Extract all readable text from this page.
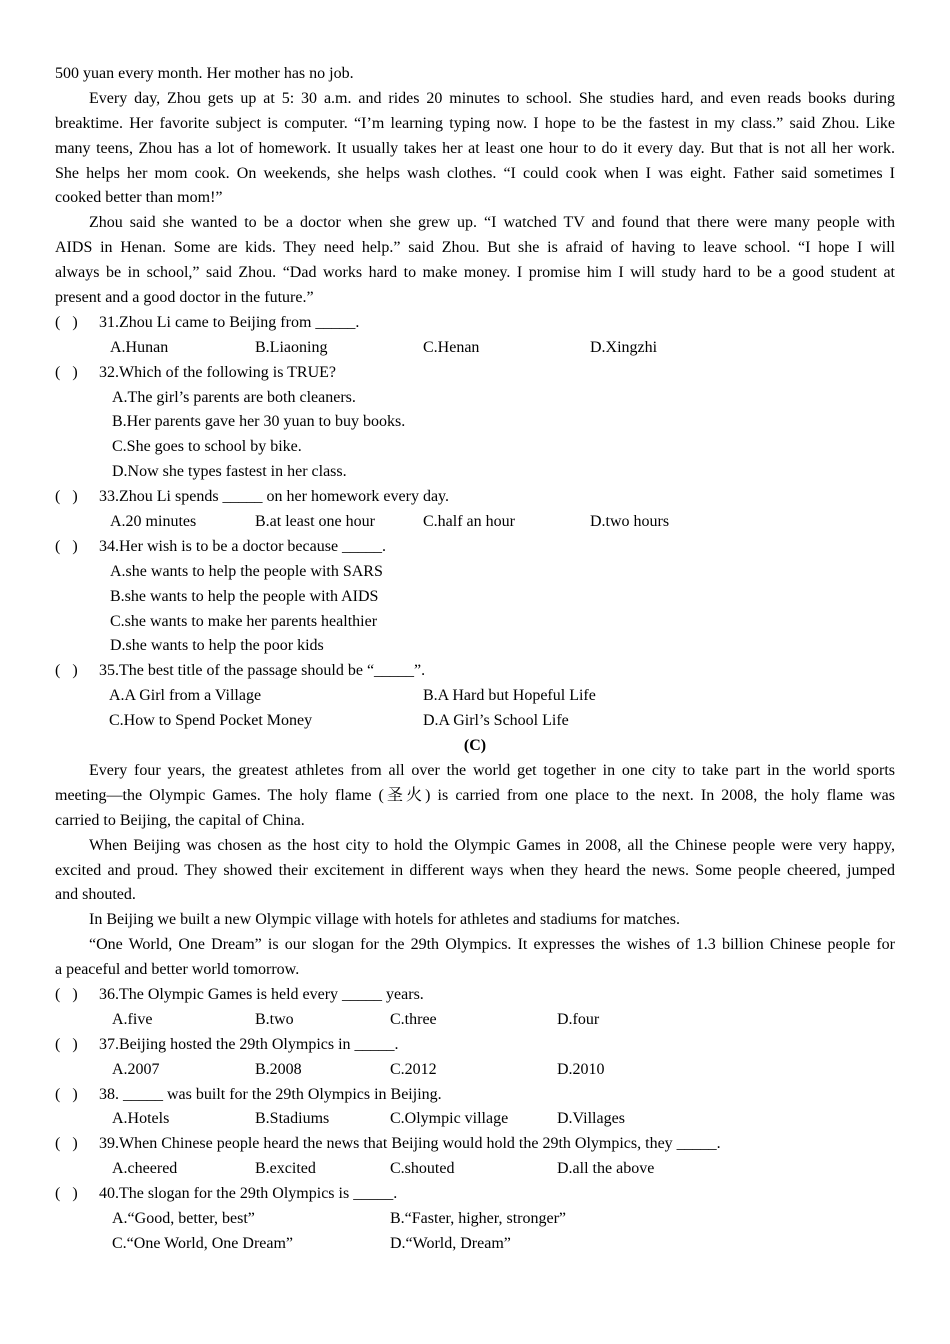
500 yuan every month. Her mother has no job.
Every day, Zhou gets up at 5: 30 a.m. and rides 20 minutes to school. She studies hard, and even reads books during
breaktime. Her favorite subject is computer. “I’m learning typing now. I hope to be the fastest in my class.” said Zhou. Like
many teens, Zhou has a lot of homework. It usually takes her at least one hour to do it every day. But that is not all her work.
She helps her mom cook. On weekends, she helps wash clothes. “I could cook when I was eight. Father said sometimes I
cooked better than mom!”
Zhou said she wanted to be a doctor when she grew up. “I watched TV and found that there were many people with
AIDS in Henan. Some are kids. They need help.” said Zhou. But she is afraid of having to leave school. “I hope I will
always be in school,” said Zhou. “Dad works hard to make money. I promise him I will study hard to be a good student at
present and a good doctor in the future.”
(   )	31.Zhou Li came to Beijing from _____.
A.Hunan	B.Liaoning	C.Henan	D.Xingzhi
(   )	32.Which of the following is TRUE?
A.The girl’s parents are both cleaners.
B.Her parents gave her 30 yuan to buy books.
C.She goes to school by bike.
D.Now she types fastest in her class.
(   )	33.Zhou Li spends _____ on her homework every day.
A.20 minutes	B.at least one hour	C.half an hour	D.two hours
(   )	34.Her wish is to be a doctor because _____.
A.she wants to help the people with SARS
B.she wants to help the people with AIDS
C.she wants to make her parents healthier
D.she wants to help the poor kids
(   )	35.The best title of the passage should be “_____”.
A.A Girl from a Village	B.A Hard but Hopeful Life
C.How to Spend Pocket Money	D.A Girl’s School Life
(C)
Every four years, the greatest athletes from all over the world get together in one city to take part in the world sports
meeting—the Olympic Games. The holy flame (圣火) is carried from one place to the next. In 2008, the holy flame was
carried to Beijing, the capital of China.
When Beijing was chosen as the host city to hold the Olympic Games in 2008, all the Chinese people were very happy,
excited and proud. They showed their excitement in different ways when they heard the news. Some people cheered, jumped
and shouted.
In Beijing we built a new Olympic village with hotels for athletes and stadiums for matches.
“One World, One Dream” is our slogan for the 29th Olympics. It expresses the wishes of 1.3 billion Chinese people for
a peaceful and better world tomorrow.
(   )	36.The Olympic Games is held every _____ years.
A.five	B.two	C.three	D.four
(   )	37.Beijing hosted the 29th Olympics in _____.
A.2007	B.2008	C.2012	D.2010
(   )	38. _____ was built for the 29th Olympics in Beijing.
A.Hotels	B.Stadiums	C.Olympic village	D.Villages
(   )	39.When Chinese people heard the news that Beijing would hold the 29th Olympics, they _____.
A.cheered	B.excited	C.shouted	D.all the above
(   )	40.The slogan for the 29th Olympics is _____.
A.“Good, better, best”	B.“Faster, higher, stronger”
C.“One World, One Dream”	D.“World, Dream”
